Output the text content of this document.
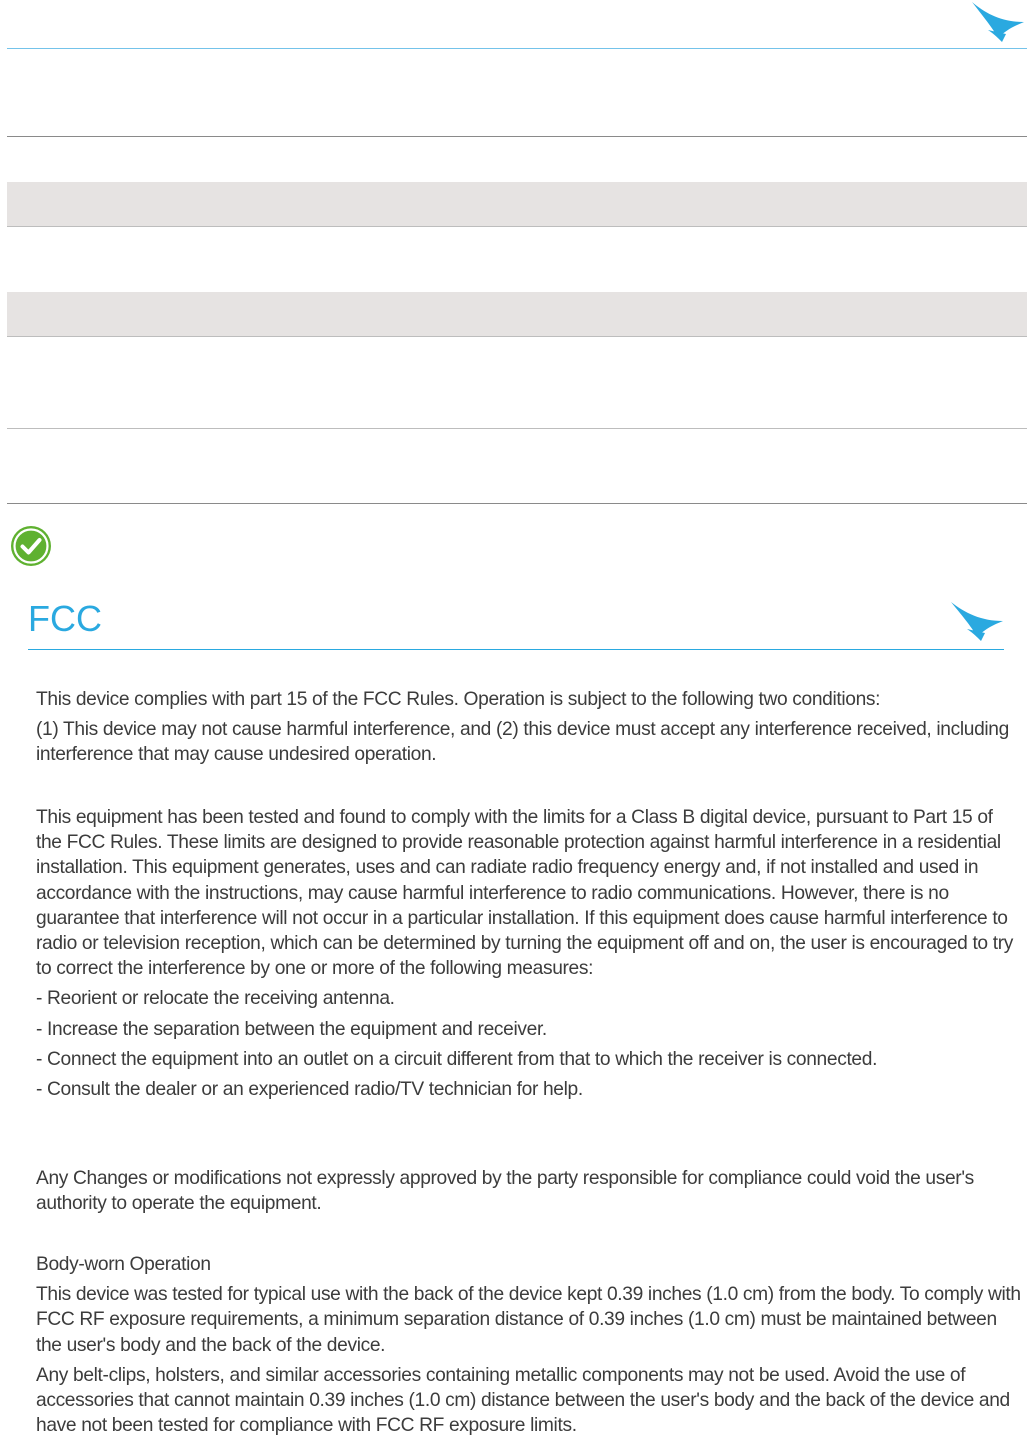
FCC

This device complies with part 15 of the FCC Rules. Operation is subject to the following two conditions:

(1) This device may not cause harmful interference, and (2) this device must accept any interference received, including interference that may cause undesired operation.

This equipment has been tested and found to comply with the limits for a Class B digital device, pursuant to Part 15 of the FCC Rules. These limits are designed to provide reasonable protection against harmful interference in a residential installation. This equipment generates, uses and can radiate radio frequency energy and, if not installed and used in accordance with the instructions, may cause harmful interference to radio communications. However, there is no guarantee that interference will not occur in a particular installation. If this equipment does cause harmful interference to radio or television reception, which can be determined by turning the equipment off and on, the user is encouraged to try to correct the interference by one or more of the following measures:

- Reorient or relocate the receiving antenna.

- Increase the separation between the equipment and receiver.

- Connect the equipment into an outlet on a circuit different from that to which the receiver is connected.

- Consult the dealer or an experienced radio/TV technician for help.

Any Changes or modifications not expressly approved by the party responsible for compliance could void the user's authority to operate the equipment.

Body-worn Operation

This device was tested for typical use with the back of the device kept 0.39 inches (1.0 cm) from the body. To comply with FCC RF exposure requirements, a minimum separation distance of 0.39 inches (1.0 cm) must be maintained between the user's body and the back of the device.

Any belt-clips, holsters, and similar accessories containing metallic components may not be used. Avoid the use of accessories that cannot maintain 0.39 inches (1.0 cm) distance between the user's body and the back of the device and have not been tested for compliance with FCC RF exposure limits.
